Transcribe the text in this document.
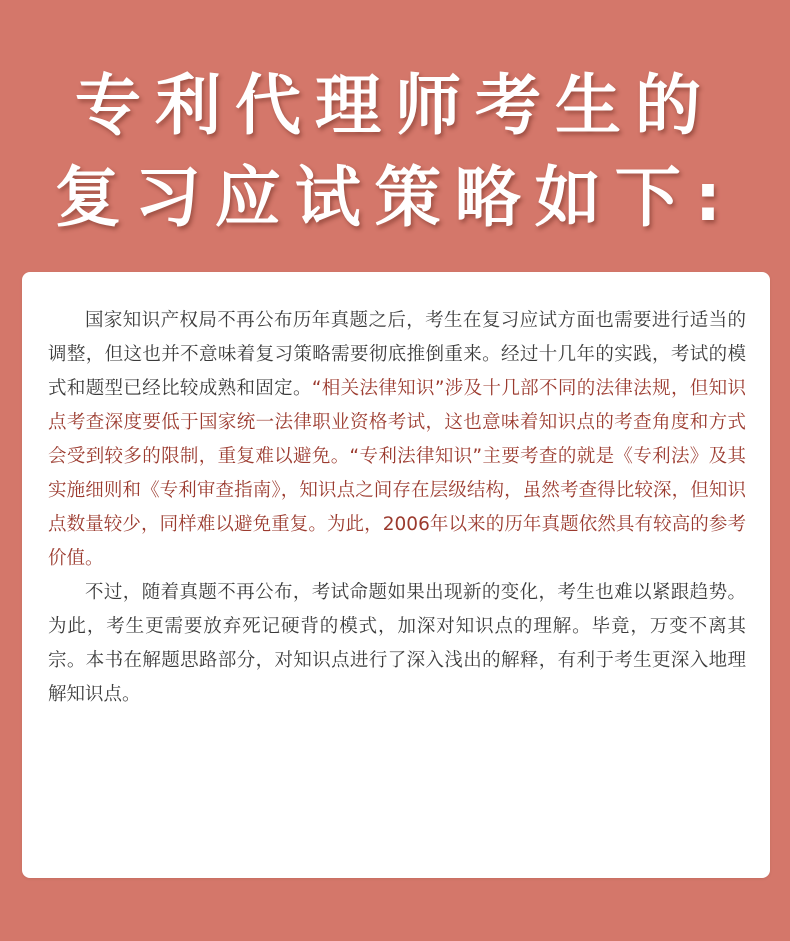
专利代理师考生的
复习应试策略如下:

国家知识产权局不再公布历年真题之后，考生在复习应试方面也需要进行适当的调整，但这也并不意味着复习策略需要彻底推倒重来。经过十几年的实践，考试的模式和题型已经比较成熟和固定。“相关法律知识”涉及十几部不同的法律法规，但知识点考查深度要低于国家统一法律职业资格考试，这也意味着知识点的考查角度和方式会受到较多的限制，重复难以避免。“专利法律知识”主要考查的就是《专利法》及其实施细则和《专利审查指南》，知识点之间存在层级结构，虽然考查得比较深，但知识点数量较少，同样难以避免重复。为此，2006年以来的历年真题依然具有较高的参考价值。

不过，随着真题不再公布，考试命题如果出现新的变化，考生也难以紧跟趋势。为此，考生更需要放弃死记硬背的模式，加深对知识点的理解。毕竟，万变不离其宗。本书在解题思路部分，对知识点进行了深入浅出的解释，有利于考生更深入地理解知识点。
